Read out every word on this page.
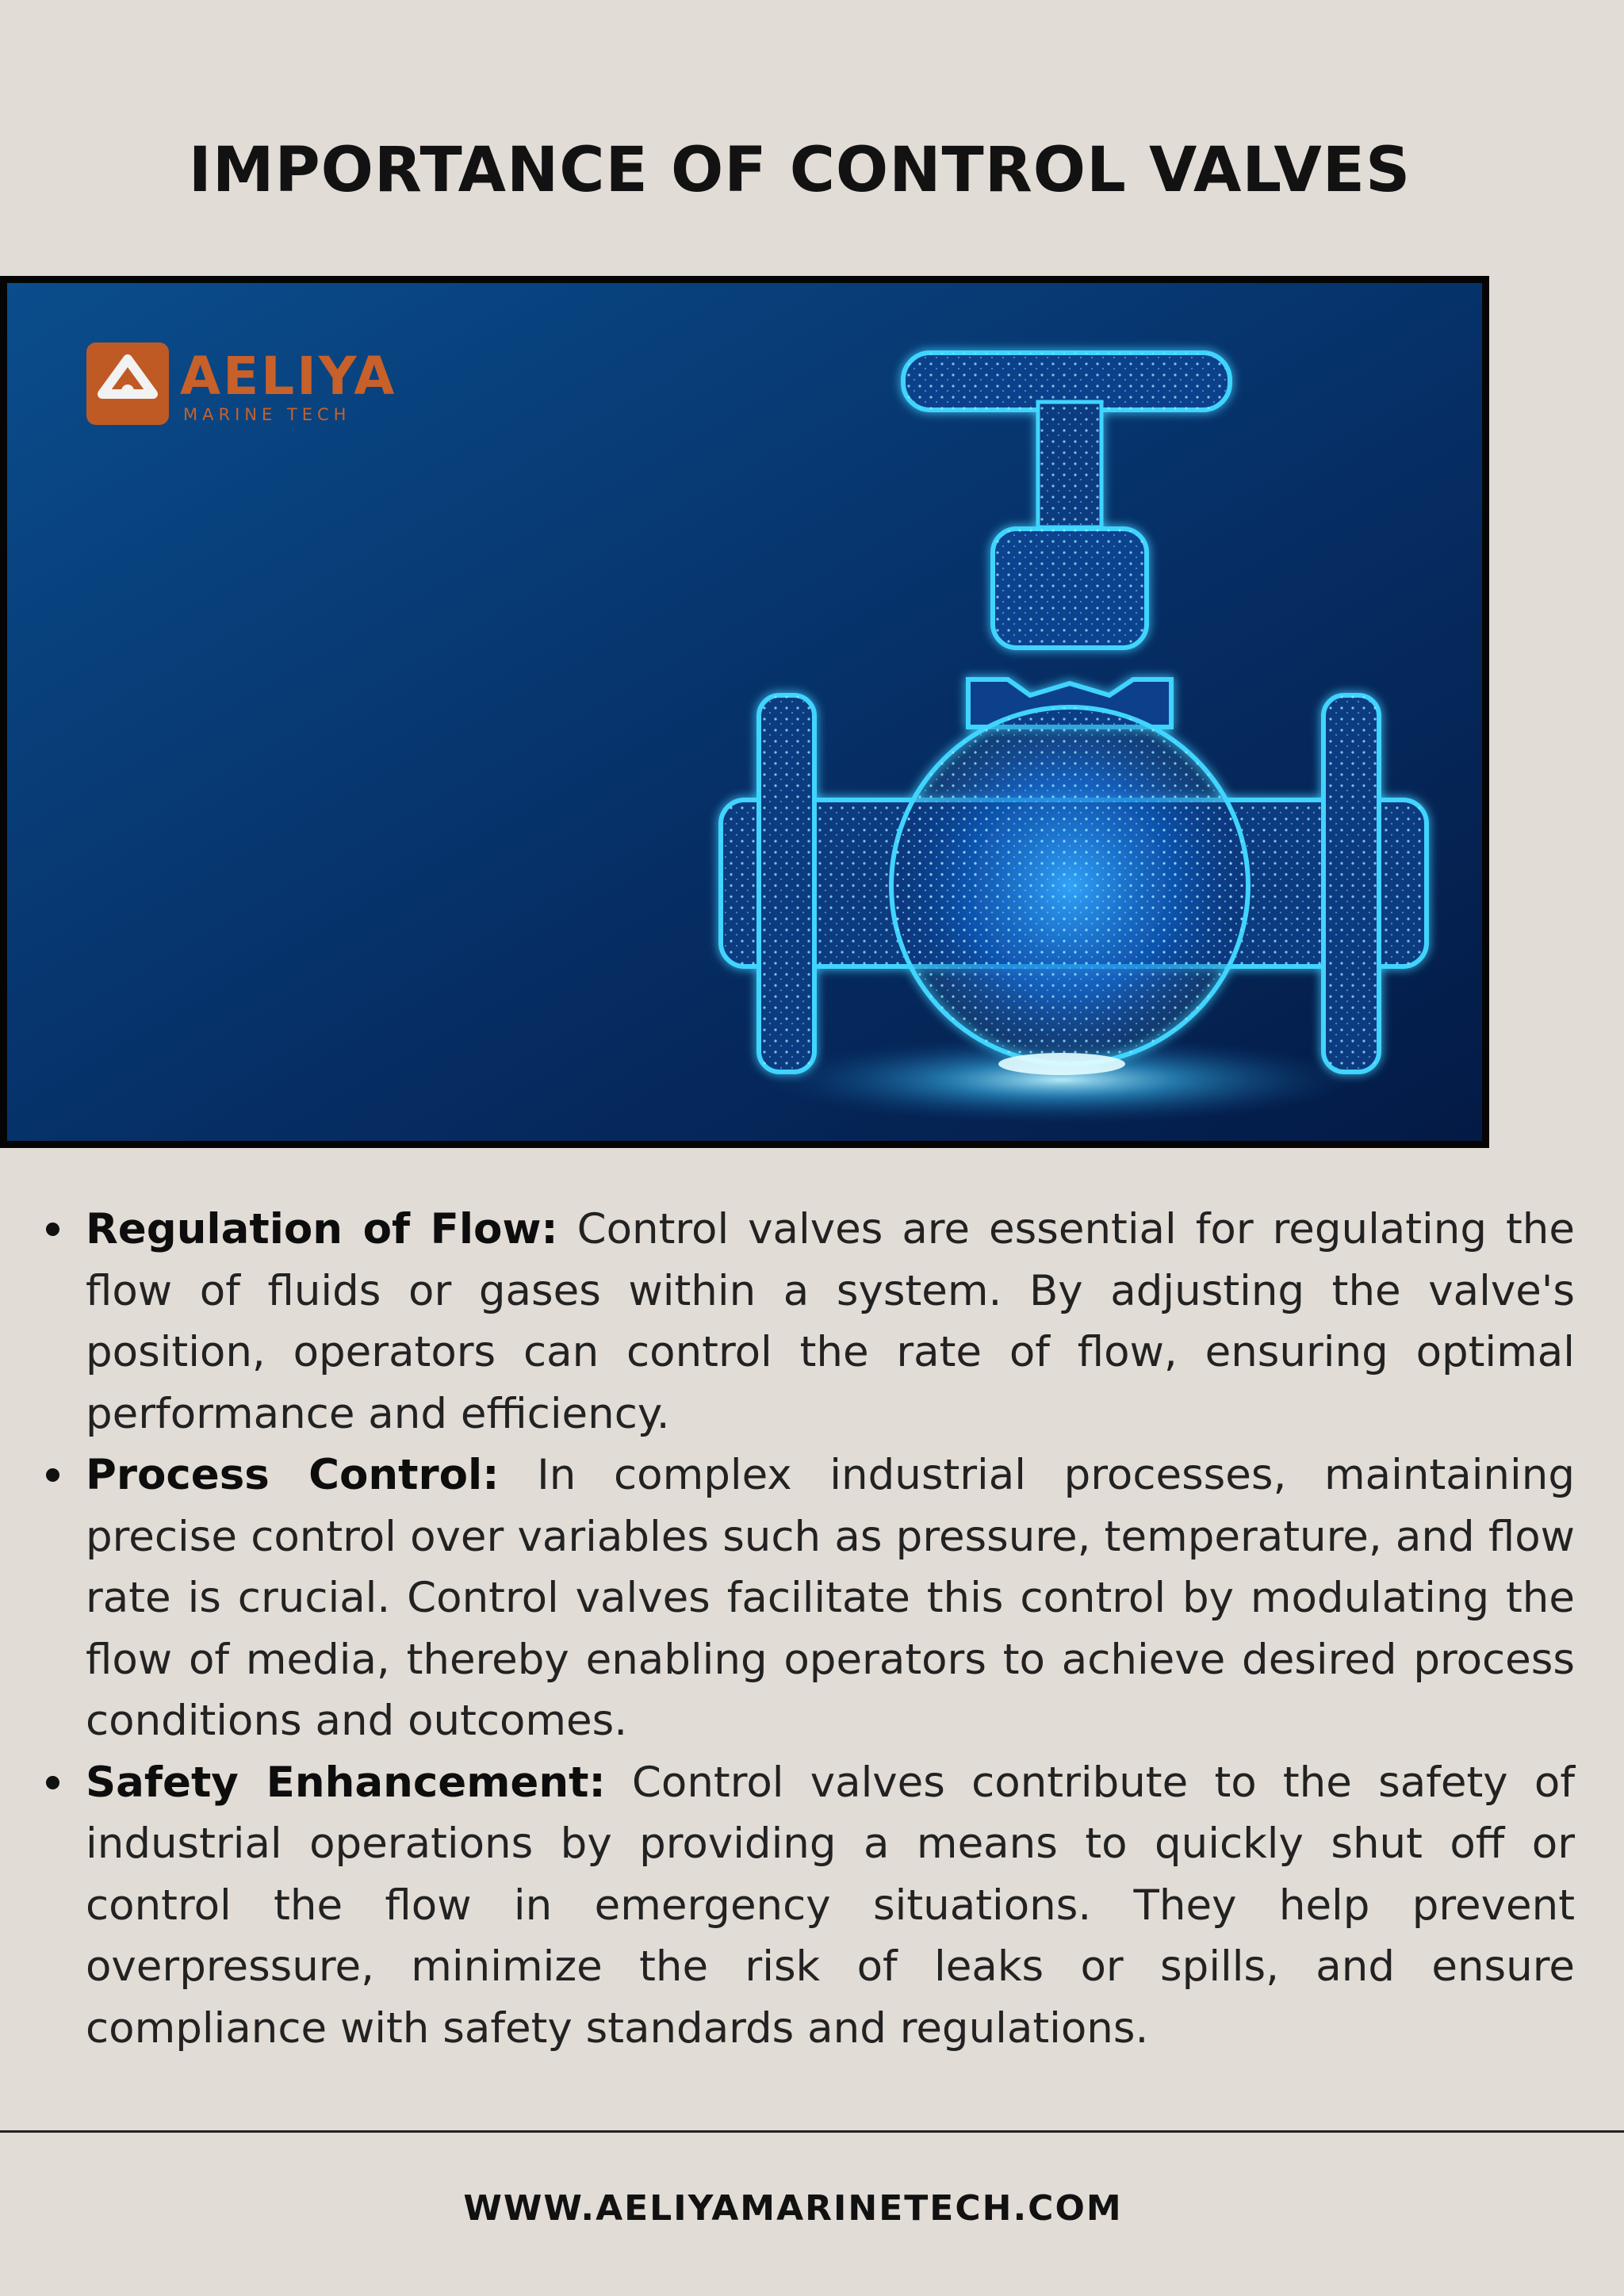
IMPORTANCE OF CONTROL VALVES
AELIYA
MARINE TECH
Regulation of Flow: Control valves are essential for regulating the flow of fluids or gases within a system. By adjusting the valve's position, operators can control the rate of flow, ensuring optimal performance and efficiency.
Process Control: In complex industrial processes, maintaining precise control over variables such as pressure, temperature, and flow rate is crucial. Control valves facilitate this control by modulating the flow of media, thereby enabling operators to achieve desired process conditions and outcomes.
Safety Enhancement: Control valves contribute to the safety of industrial operations by providing a means to quickly shut off or control the flow in emergency situations. They help prevent overpressure, minimize the risk of leaks or spills, and ensure compliance with safety standards and regulations.
WWW.AELIYAMARINETECH.COM
